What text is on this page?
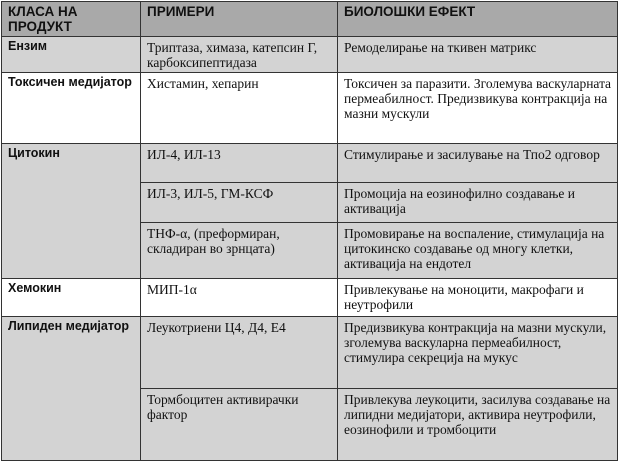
КЛАСА НА ПРОДУКТ	ПРИМЕРИ	БИОЛОШКИ ЕФЕКТ
Ензим	Триптаза, химаза, катепсин Г, карбоксипептидаза	Ремоделирање на ткивен матрикс
Токсичен медијатор	Хистамин, хепарин	Токсичен за паразити. Зголемува васкуларнатa пермеабилност. Предизвикува контракција на мазни мускули
Цитокин	ИЛ-4, ИЛ-13	Стимулирање и засилување на Тпо2 одговор
	ИЛ-3, ИЛ-5, ГМ-КСФ	Промоција на еозинофилно создавање и активација
	ТНФ-α, (преформиран, складиран во зрнцата)	Промовирање на воспаление, стимулација на цитокинско создавање од многу клетки, активација на ендотел
Хемокин	МИП-1α	Привлекување на моноцити, макрофаги и неутрофили
Липиден медијатор	Леукотриени Ц4, Д4, Е4	Предизвикува контракција на мазни мускули, зголемува васкуларна пермеабилност, стимулира секреција на мукус
	Тормбоцитен активирачки фактор	Привлекува леукоцити, засилува создавање на липидни медијатори, активира неутрофили, еозинофили и тромбоцити
